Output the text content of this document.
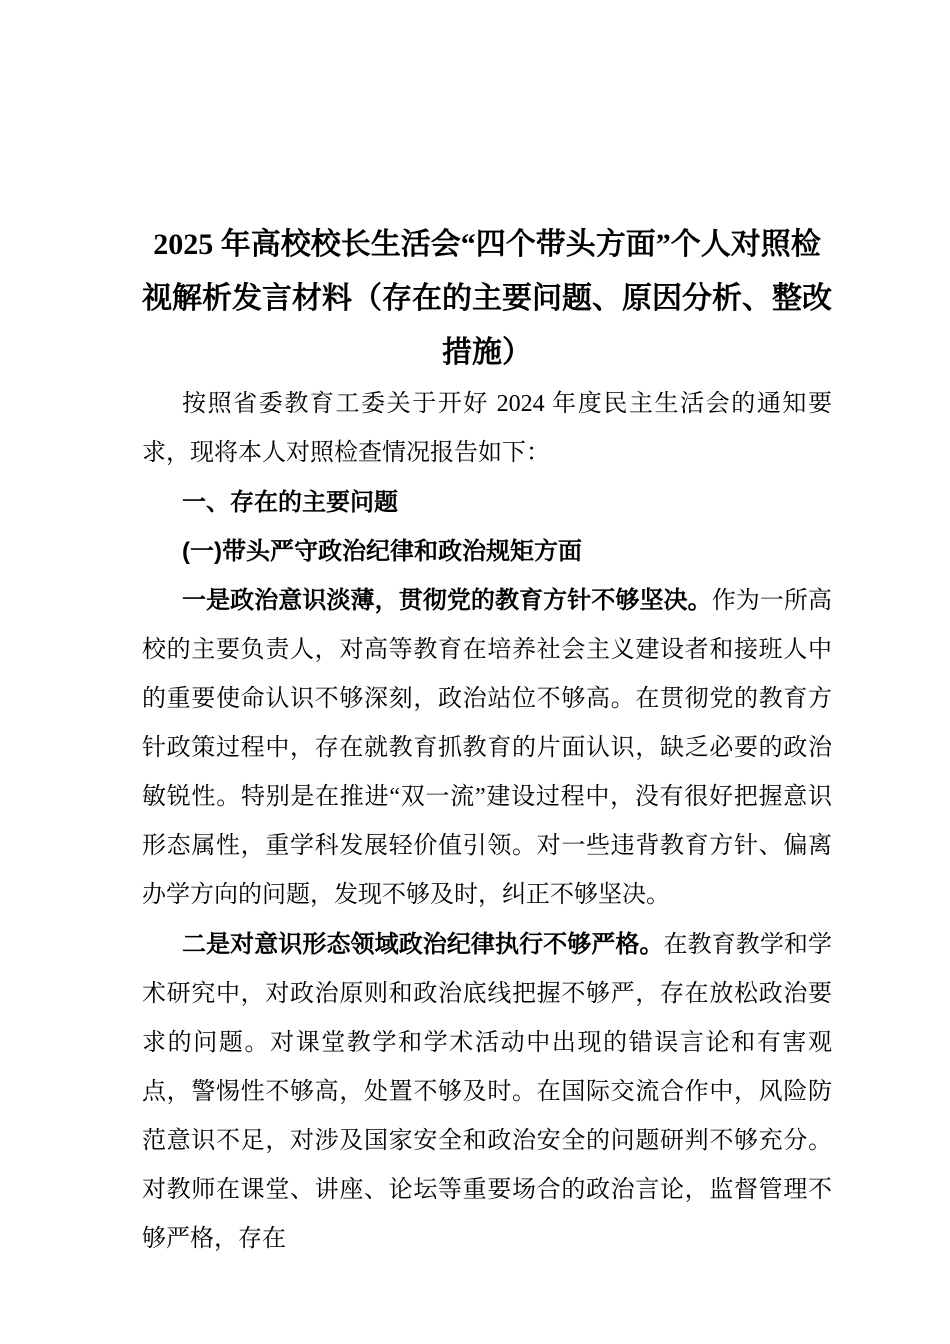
2025 年高校校长生活会“四个带头方面”个人对照检视解析发言材料（存在的主要问题、原因分析、整改措施）

按照省委教育工委关于开好 2024 年度民主生活会的通知要求，现将本人对照检查情况报告如下：

一、存在的主要问题

(一)带头严守政治纪律和政治规矩方面

一是政治意识淡薄，贯彻党的教育方针不够坚决。作为一所高校的主要负责人，对高等教育在培养社会主义建设者和接班人中的重要使命认识不够深刻，政治站位不够高。在贯彻党的教育方针政策过程中，存在就教育抓教育的片面认识，缺乏必要的政治敏锐性。特别是在推进“双一流”建设过程中，没有很好把握意识形态属性，重学科发展轻价值引领。对一些违背教育方针、偏离办学方向的问题，发现不够及时，纠正不够坚决。

二是对意识形态领域政治纪律执行不够严格。在教育教学和学术研究中，对政治原则和政治底线把握不够严，存在放松政治要求的问题。对课堂教学和学术活动中出现的错误言论和有害观点，警惕性不够高，处置不够及时。在国际交流合作中，风险防范意识不足，对涉及国家安全和政治安全的问题研判不够充分。对教师在课堂、讲座、论坛等重要场合的政治言论，监督管理不够严格，存在
